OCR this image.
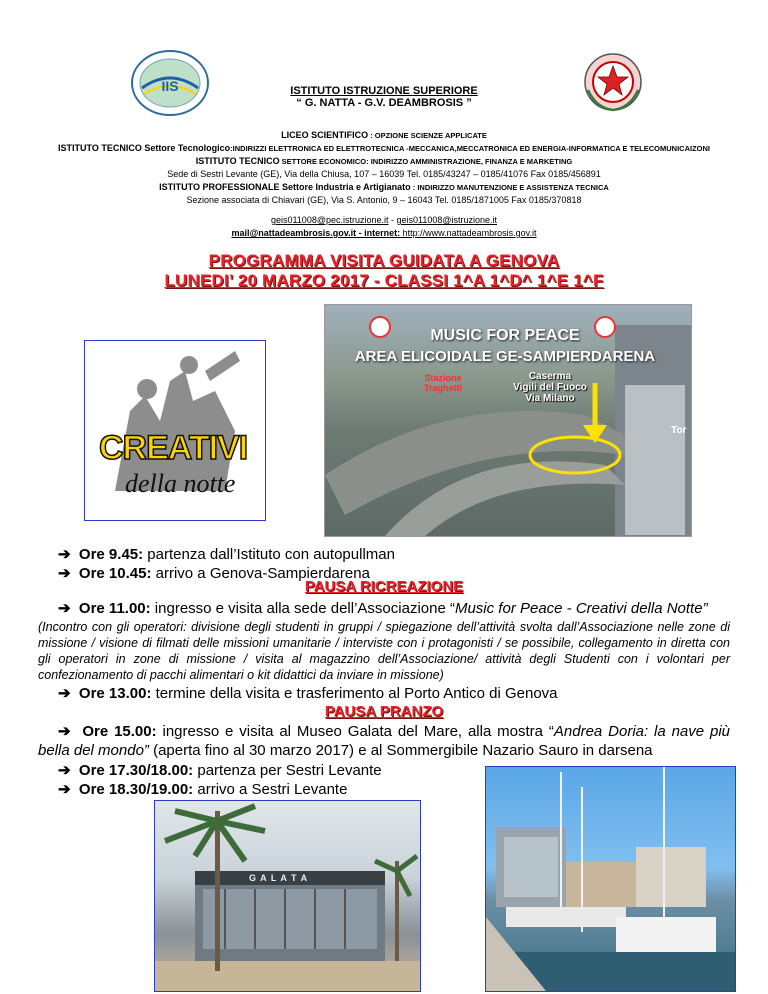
IIS	ISTITUTO ISTRUZIONE SUPERIORE
“ G. NATTA - G.V. DEAMBROSIS ”
LICEO SCIENTIFICO : OPZIONE SCIENZE APPLICATE
ISTITUTO TECNICO Settore Tecnologico:INDIRIZZI ELETTRONICA ED ELETTROTECNICA -MECCANICA,MECCATRONICA ED ENERGIA-INFORMATICA E TELECOMUNICAIZONI
ISTITUTO TECNICO SETTORE ECONOMICO: INDIRIZZO AMMINISTRAZIONE, FINANZA E MARKETING
Sede di Sestri Levante (GE), Via della Chiusa, 107 – 16039 Tel. 0185/43247 – 0185/41076 Fax 0185/456891
ISTITUTO PROFESSIONALE Settore Industria e Artigianato : INDIRIZZO MANUTENZIONE E ASSISTENZA TECNICA
Sezione associata di Chiavari (GE), Via S. Antonio, 9 – 16043 Tel. 0185/1871005 Fax 0185/370818
geis011008@pec.istruzione.it - geis011008@istruzione.it
mail@nattadeambrosis.gov.it - internet: http://www.nattadeambrosis.gov.it
PROGRAMMA VISITA GUIDATA A GENOVA
LUNEDI’ 20 MARZO 2017 - CLASSI 1^A 1^D^ 1^E 1^F
CREATIVI
della notte
MUSIC FOR PEACE
AREA ELICOIDALE GE-SAMPIERDARENA
Caserma
Vigili del Fuoco
Via Milano
Stazione
Traghetti
Tor
➔ Ore 9.45: partenza dall’Istituto con autopullman
➔ Ore 10.45: arrivo a Genova-Sampierdarena
PAUSA RICREAZIONE
➔ Ore 11.00: ingresso e visita alla sede dell’Associazione “Music for Peace - Creativi della Notte”
(Incontro con gli operatori: divisione degli studenti in gruppi / spiegazione dell’attività svolta dall’Associazione nelle zone di missione / visione di filmati delle missioni umanitarie / interviste con i protagonisti / se possibile, collegamento in diretta con gli operatori in zone di missione / visita al magazzino dell’Associazione/ attività degli Studenti con i volontari per confezionamento di pacchi alimentari o kit didattici da inviare in missione)
➔ Ore 13.00: termine della visita e trasferimento al Porto Antico di Genova
PAUSA PRANZO
➔ Ore 15.00: ingresso e visita al Museo Galata del Mare, alla mostra “Andrea Doria: la nave più bella del mondo” (aperta fino al 30 marzo 2017) e al Sommergibile Nazario Sauro in darsena
➔ Ore 17.30/18.00: partenza per Sestri Levante
➔ Ore 18.30/19.00: arrivo a Sestri Levante
G A L A T A
